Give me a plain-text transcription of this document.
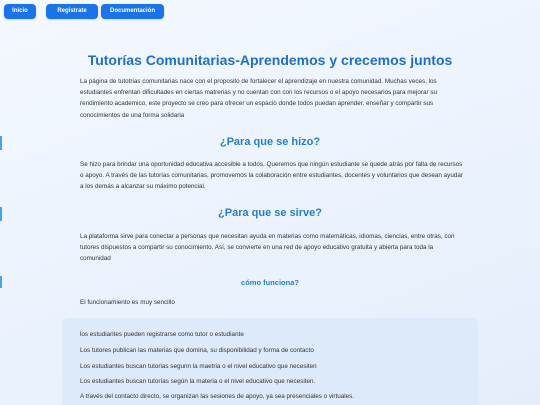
Inicio	Registrate	Documentación
Tutorías Comunitarias-Aprendemos y crecemos juntos

La página de tutotrias comunitarias nace con el proposito de fortalecer el aprendizaje en nuestra comunidad. Muchas veces, los estudiantes enfrentan dificultades en ciertas matrerias y no cuentan con con los recursos o el apoyo necesarios para mejorar su rendimiento academico, este proyecto se creo para ofrecer un espacio donde todos puedan aprender. enseñar y compartir sus conocimientos de una forma solidaria

¿Para que se hizo?

Se hizo para brindar una oportunidad educativa accesible a todos. Queremos que ningún estudiante se quede atrás por falta de recursos o apoyo. A través de las tutorías comunitarias, promovemos la colaboración entre estudiantes, docentes y voluntarios que desean ayudar a los demás a alcanzar su máximo potencial.

¿Para que se sirve?

La plataforma sirve para conectar a personas que necesitan ayuda en materias como matemáticas, idiomas, ciencias, entre otras, con tutores dispuestos a compartir su conocimiento. Así, se convierte en una red de apoyo educativo gratuita y abierta para toda la comunidad

cómo funciona?

El funcionamiento es muy sencillo

los estudiantes pueden registrarse como tutor o estudiante

Los tutores publican las materias que domina, su disponibilidad y forma de contacto

Los estudiantes buscan tutorias segunn la maetria o el nivel educativo que necesiten

Los estudiantes buscan tutorías según la materia o el nivel educativo que necesiten.

A través del contacto directo, se organizan las sesiones de apoyo, ya sea presenciales o virtuales.
